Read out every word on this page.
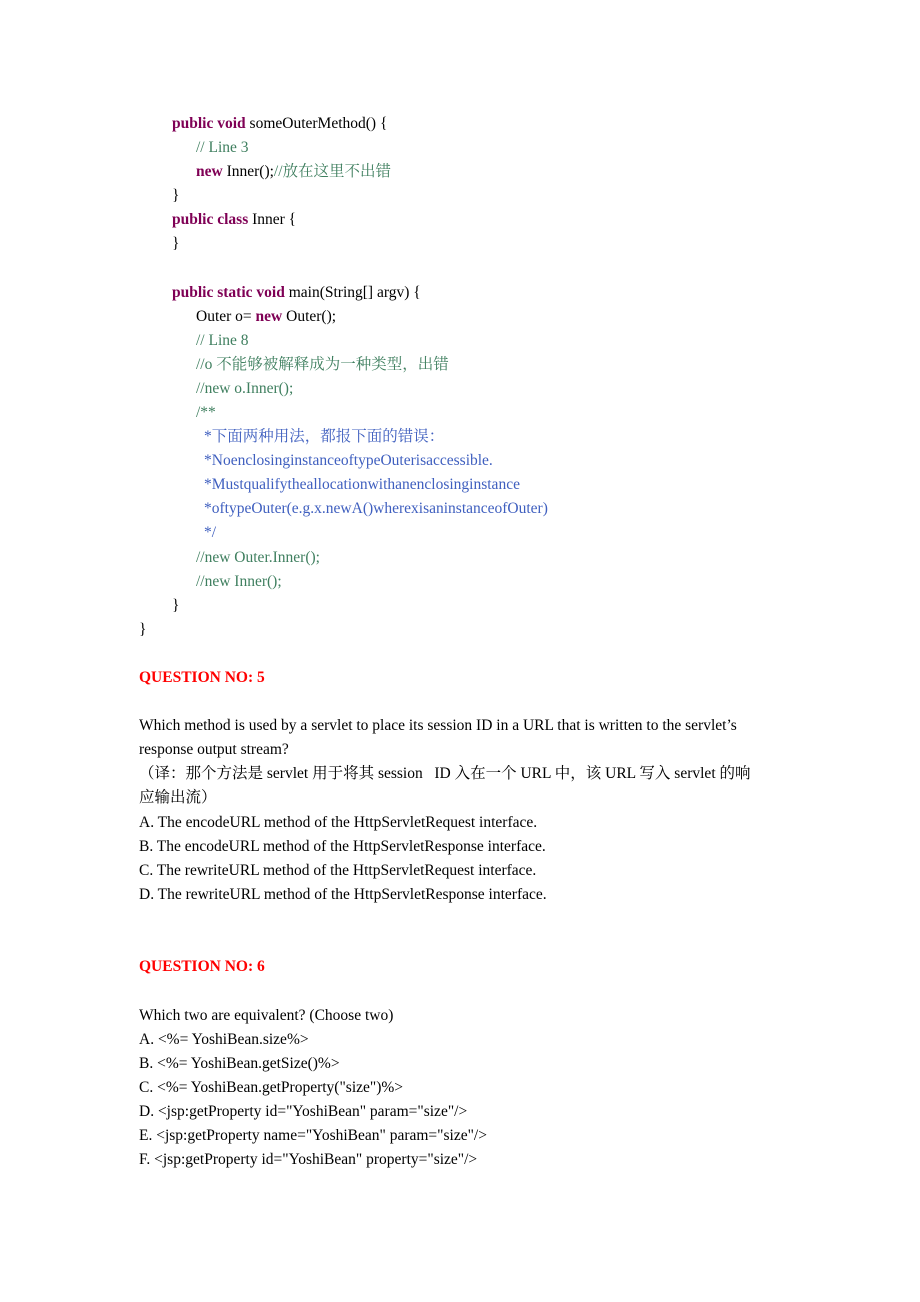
public void someOuterMethod() {
// Line 3
new Inner();//放在这里不出错
}
public class Inner {
}
public static void main(String[] argv) {
Outer o= new Outer();
// Line 8
//o 不能够被解释成为一种类型，出错
//new o.Inner();
/**
*下面两种用法，都报下面的错误：
*NoenclosinginstanceoftypeOuterisaccessible.
*Mustqualifytheallocationwithanenclosinginstance
*oftypeOuter(e.g.x.newA()wherexisaninstanceofOuter)
*/
//new Outer.Inner();
//new Inner();
}
}
QUESTION NO: 5
Which method is used by a servlet to place its session ID in a URL that is written to the servlet’s
response output stream?
（译：那个方法是 servlet 用于将其 session   ID 入在一个 URL 中，该 URL 写入 servlet 的响
应输出流）
A. The encodeURL method of the HttpServletRequest interface.
B. The encodeURL method of the HttpServletResponse interface.
C. The rewriteURL method of the HttpServletRequest interface.
D. The rewriteURL method of the HttpServletResponse interface.
QUESTION NO: 6
Which two are equivalent? (Choose two)
A. <%= YoshiBean.size%>
B. <%= YoshiBean.getSize()%>
C. <%= YoshiBean.getProperty("size")%>
D. <jsp:getProperty id="YoshiBean" param="size"/>
E. <jsp:getProperty name="YoshiBean" param="size"/>
F. <jsp:getProperty id="YoshiBean" property="size"/>
